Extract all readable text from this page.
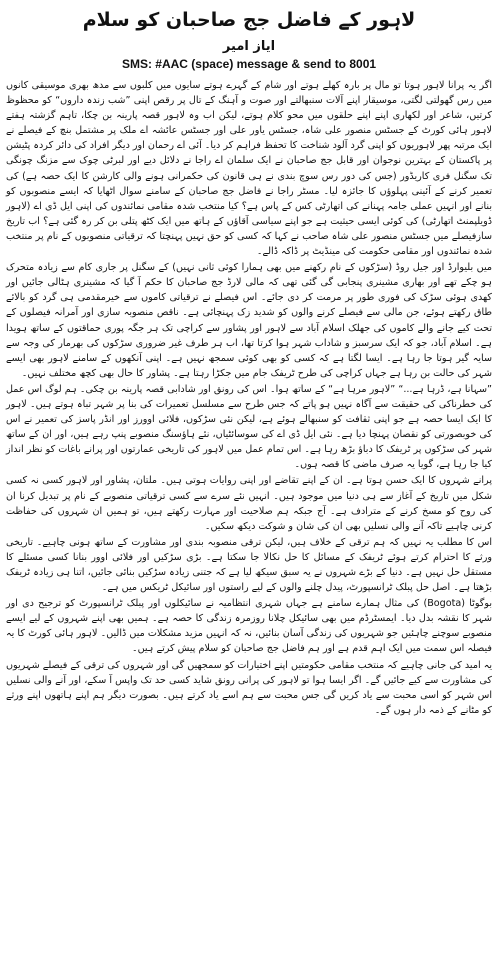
لاہور کے فاضل جج صاحبان کو سلام
ایاز امیر
SMS: #AAC (space) message & send to 8001

اگر یہ پرانا لاہور ہوتا تو مال پر بارہ کھلے ہوتے اور شام کے گہرے ہوتے سایوں میں کلبوں سے مدھ بھری موسیقی کانوں میں رس گھولتی لگتی، موسیقار اپنے آلات سنبھالتے اور صوت و آہنگ کے تال پر رقص اپنی ”شب زندہ داروں“ کو محظوظ کرتیں، شاعر اور لکھاری اپنے اپنے حلقوں میں محو کلام ہوتے، لیکن اب وہ لاہور قصہ پارینہ بن چکا، تاہم گزشتہ ہفتے لاہور ہائی کورٹ کے جسٹس منصور علی شاہ، جسٹس یاور علی اور جسٹس عائشہ اے ملک پر مشتمل بنچ کے فیصلے نے ایک مرتبہ پھر لاہوریوں کو اپنی گرد آلود شناخت کا تحفظ فراہم کر دیا۔ آئی اے رحمان اور دیگر افراد کی دائر کردہ پٹیشن پر پاکستان کے بہترین نوجوان اور قابل جج صاحبان نے ایک سلمان اے راجا نے دلائل دیے اور لبرٹی چوک سے مزنگ چونگی تک سگنل فری کاریڈور (جس کی دور رس سوچ بندی نے ہی قانون کی حکمرانی ہونے والی کارشن کا ایک حصہ ہے) کی تعمیر کرنے کے آئینی پہلوؤں کا جائزہ لیا۔ مسٹر راجا نے فاضل جج صاحبان کے سامنے سوال اٹھایا کہ ایسے منصوبوں کو بنانے اور انہیں عملی جامہ پہنانے کی اتھارٹی کس کے پاس ہے؟ کیا منتخب شدہ مقامی نمائندوں کی اپنی ایل ڈی اے (لاہور ڈویلپمنٹ اتھارٹی) کی کوئی ایسی حیثیت ہے جو اپنے سیاسی آقاؤں کے ہاتھ میں ایک کٹھ پتلی بن کر رہ گئی ہے؟ اب تاریخ سازفیصلے میں جسٹس منصور علی شاہ صاحب نے کہا کہ کسی کو حق نہیں پہنچتا کہ ترقیاتی منصوبوں کے نام پر منتخب شدہ نمائندوں اور مقامی حکومت کی مینڈیٹ پر ڈاکہ ڈالے۔

میں بلیوارڈ اور جیل روڈ (سڑکوں کے نام رکھنے میں بھی ہمارا کوئی ثانی نہیں) کے سگنل پر جاری کام سے زیادہ متحرک ہو چکے تھے اور بھاری مشینری پنجابی گی گئی تھی کہ مالی لارڈ جج صاحبان کا حکم آ گیا کہ مشینری ہٹالی جائیں اور کھدی ہوئی سڑک کی فوری طور پر مرمت کر دی جائے۔ اس فیصلے نے ترقیاتی کاموں سے خیرمقدمی ہی گرد کو بالائے طاق رکھتے ہوئے، جن مالی سے فیصلے کرنے والوں کو شدید زک پہنچائی ہے۔ ناقص منصوبہ سازی اور آمرانہ فیصلوں کے تحت کیے جانے والے کاموں کی جھلک اسلام آباد سے لاہور اور پشاور سے کراچی تک ہر جگہ پوری حماقتوں کے ساتھ ہویدا ہے۔ اسلام آباد، جو کہ ایک سرسبز و شاداب شہر ہوا کرتا تھا، اب ہر طرف غیر ضروری سڑکوں کی بھرمار کی وجہ سے سایہ گیر ہوتا جا رہا ہے۔ ایسا لگتا ہے کہ کسی کو بھی کوئی سمجھ نہیں ہے۔ اپنی آنکھوں کے سامنے لاہور بھی ایسے شہر کی حالت بن رہا ہے جہاں کراچی کی طرح ٹریفک جام میں جکڑا رہتا ہے۔ پشاور کا حال بھی کچھ مختلف نہیں۔

”سہانا ہے، ڈرہا ہے...“ ”لاہور مرہا ہے“ کے ساتھ ہوا۔ اس کی رونق اور شادابی قصہ پارینہ بن چکی۔ ہم لوگ اس عمل کی خطرناکی کی حقیقت سے آگاہ نہیں ہو پاتے کہ جس طرح سے مسلسل تعمیرات کی بنا پر شہر تباہ ہوتے ہیں۔ لاہور کا ایک ایسا حصہ ہے جو اپنی ثقافت کو سنبھالے ہوئے ہے، لیکن نئی سڑکوں، فلائی اوورز اور انڈر پاسز کی تعمیر نے اس کی خوبصورتی کو نقصان پہنچا دیا ہے۔ نئی ایل ڈی اے کی سوسائٹیاں، نئے ہاؤسنگ منصوبے پنپ رہے ہیں، اور ان کے ساتھ شہر کی سڑکوں پر ٹریفک کا دباؤ بڑھ رہا ہے۔ اس تمام عمل میں لاہور کی تاریخی عمارتوں اور پرانے باغات کو نظر انداز کیا جا رہا ہے، گویا یہ صرف ماضی کا قصہ ہوں۔

پرانے شہروں کا ایک حسن ہوتا ہے۔ ان کے اپنے تقاضے اور اپنی روایات ہوتی ہیں۔ ملتان، پشاور اور لاہور کسی نہ کسی شکل میں تاریخ کے آغاز سے ہی دنیا میں موجود ہیں۔ انہیں نئے سرے سے کسی ترقیاتی منصوبے کے نام پر تبدیل کرنا ان کی روح کو مسخ کرنے کے مترادف ہے۔ آج جبکہ ہم صلاحیت اور مہارت رکھتے ہیں، تو ہمیں ان شہروں کی حفاظت کرنی چاہیے تاکہ آنے والی نسلیں بھی ان کی شان و شوکت دیکھ سکیں۔

اس کا مطلب یہ نہیں کہ ہم ترقی کے خلاف ہیں، لیکن ترقی منصوبہ بندی اور مشاورت کے ساتھ ہونی چاہیے۔ تاریخی ورثے کا احترام کرتے ہوئے ٹریفک کے مسائل کا حل نکالا جا سکتا ہے۔ بڑی سڑکیں اور فلائی اوور بنانا کسی مسئلے کا مستقل حل نہیں ہے۔ دنیا کے بڑے شہروں نے یہ سبق سیکھ لیا ہے کہ جتنی زیادہ سڑکیں بنائی جائیں، اتنا ہی زیادہ ٹریفک بڑھتا ہے۔ اصل حل پبلک ٹرانسپورٹ، پیدل چلنے والوں کے لیے راستوں اور سائیکل ٹریکس میں ہے۔

بوگوٹا (Bogota) کی مثال ہمارے سامنے ہے جہاں شہری انتظامیہ نے سائیکلوں اور پبلک ٹرانسپورٹ کو ترجیح دی اور شہر کا نقشہ بدل دیا۔ ایمسٹرڈم میں بھی سائیکل چلانا روزمرہ زندگی کا حصہ ہے۔ ہمیں بھی اپنے شہروں کے لیے ایسے منصوبے سوچنے چاہئیں جو شہریوں کی زندگی آسان بنائیں، نہ کہ انہیں مزید مشکلات میں ڈالیں۔ لاہور ہائی کورٹ کا یہ فیصلہ اس سمت میں ایک اہم قدم ہے اور ہم فاضل جج صاحبان کو سلام پیش کرتے ہیں۔

یہ امید کی جانی چاہیے کہ منتخب مقامی حکومتیں اپنے اختیارات کو سمجھیں گی اور شہروں کی ترقی کے فیصلے شہریوں کی مشاورت سے کیے جائیں گے۔ اگر ایسا ہوا تو لاہور کی پرانی رونق شاید کسی حد تک واپس آ سکے، اور آنے والی نسلیں اس شہر کو اسی محبت سے یاد کریں گی جس محبت سے ہم اسے یاد کرتے ہیں۔ بصورت دیگر ہم اپنے ہاتھوں اپنے ورثے کو مٹانے کے ذمہ دار ہوں گے۔
